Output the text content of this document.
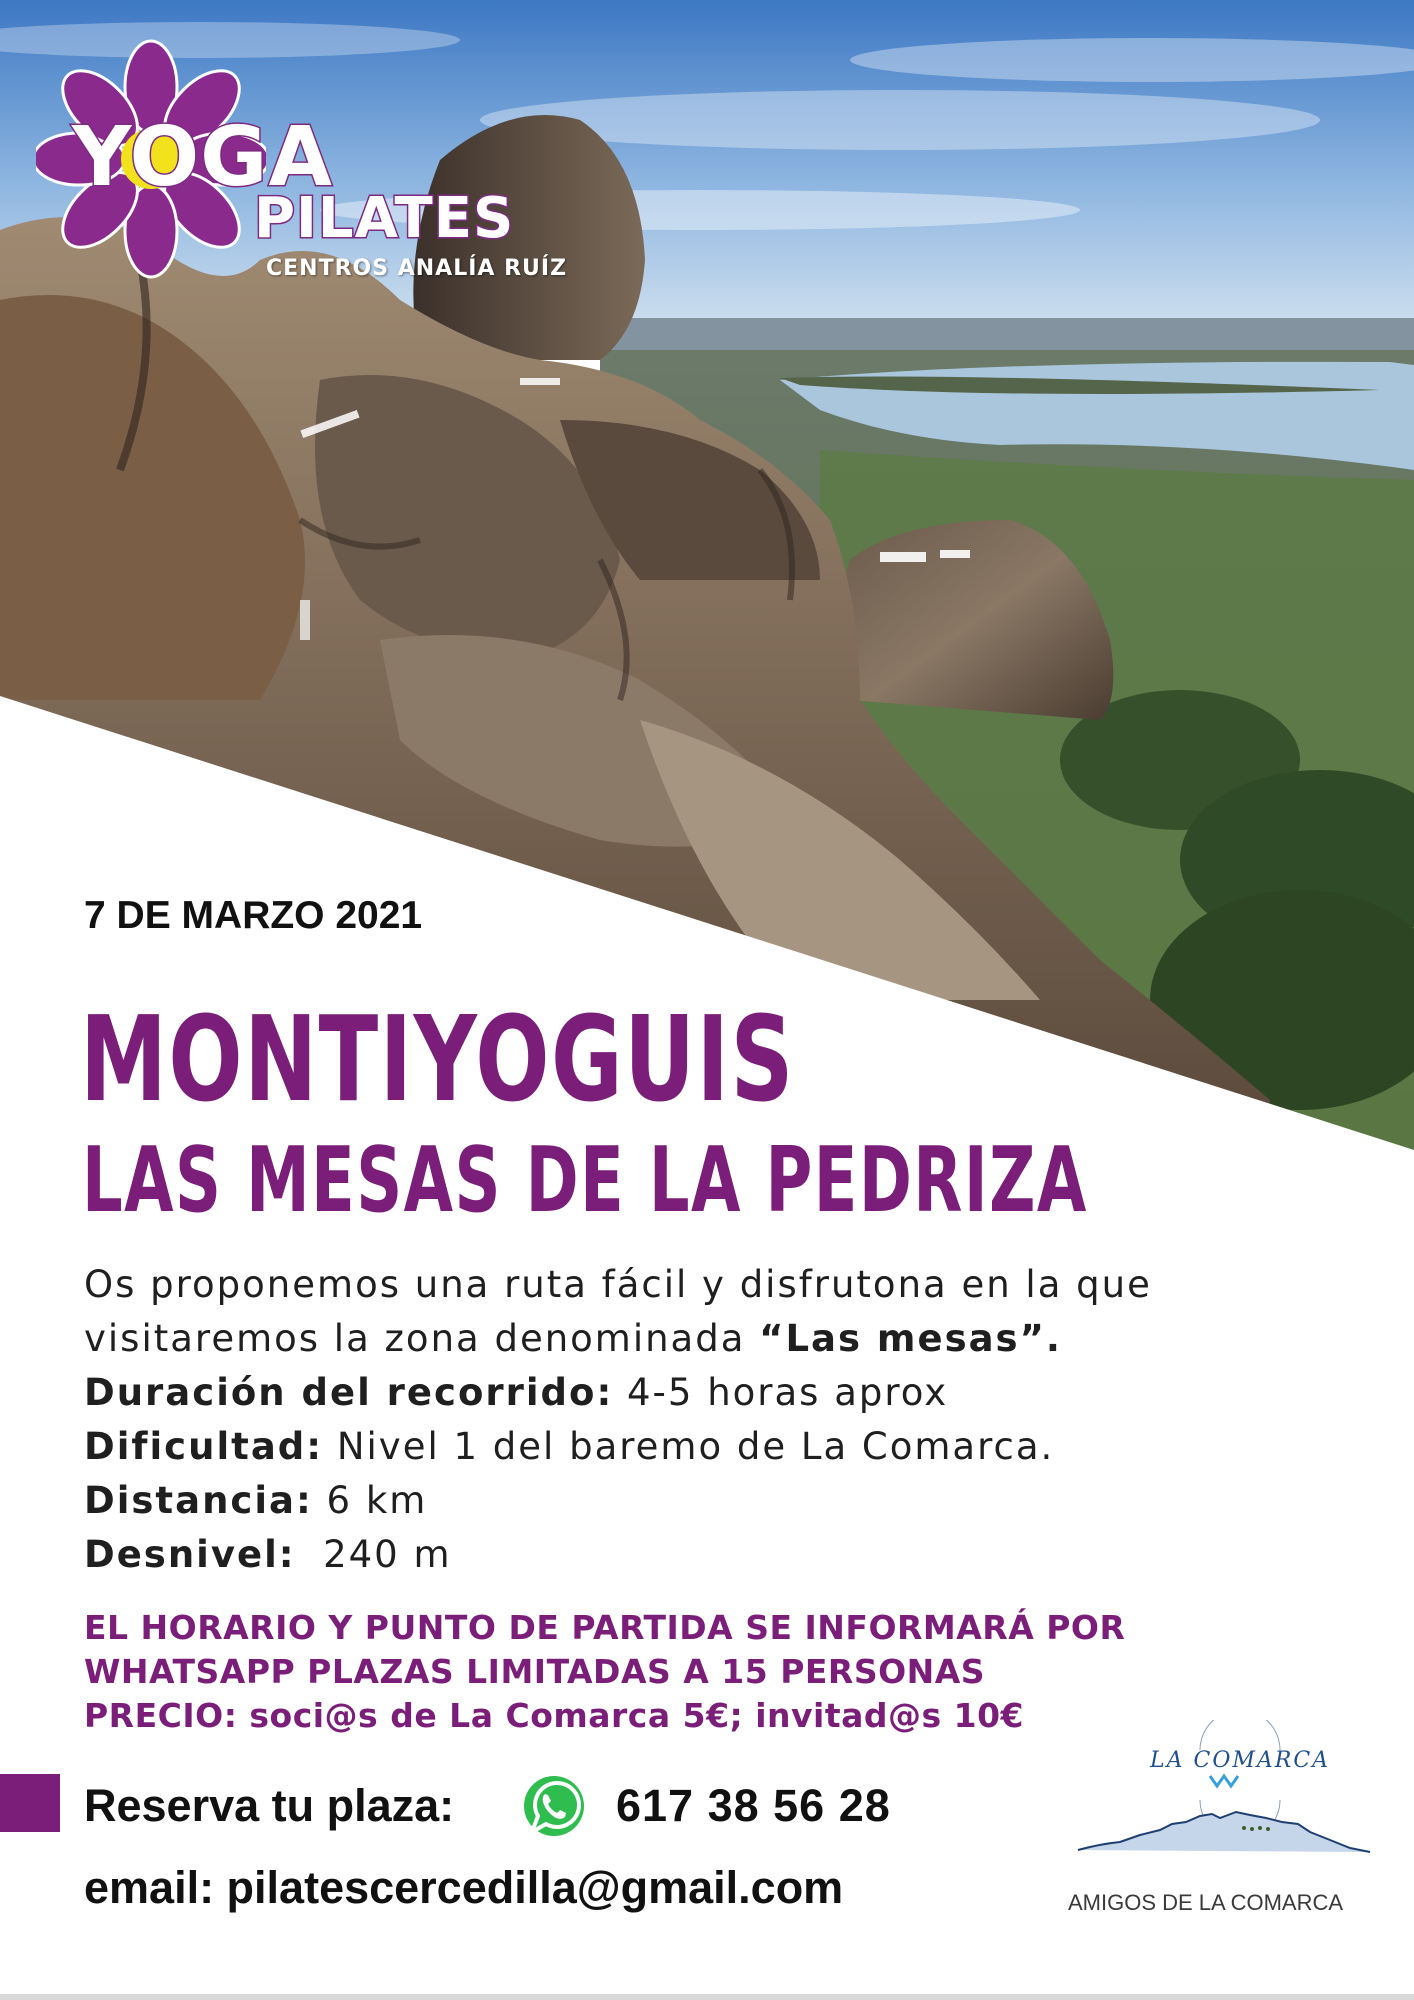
YOGA
PILATES
CENTROS ANALÍA RUÍZ
7 DE MARZO 2021
MONTIYOGUIS
LAS MESAS DE LA PEDRIZA
Os proponemos una ruta fácil y disfrutona en la que
visitaremos la zona denominada “Las mesas”.
Duración del recorrido: 4-5 horas aprox
Dificultad: Nivel 1 del baremo de La Comarca.
Distancia: 6 km
Desnivel:  240 m
EL HORARIO Y PUNTO DE PARTIDA SE INFORMARÁ POR
WHATSAPP PLAZAS LIMITADAS A 15 PERSONAS
PRECIO: soci@s de La Comarca 5€; invitad@s 10€
Reserva tu plaza:	617 38 56 28
email: pilatescercedilla@gmail.com
LA COMARCA
AMIGOS DE LA COMARCA
